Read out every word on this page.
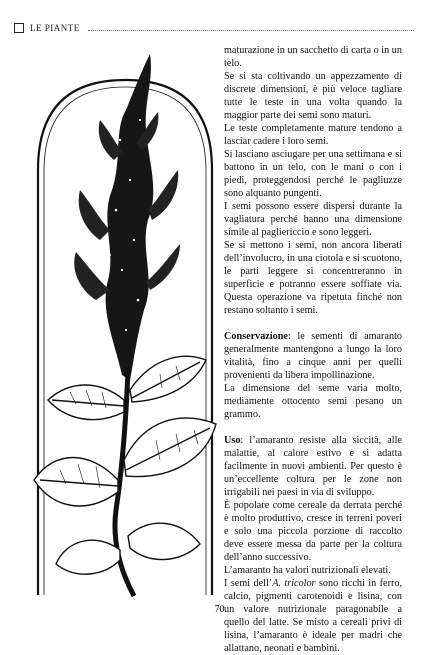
LE PIANTE

maturazione in un sacchetto di carta o in un telo.

Se si sta coltivando un appezzamento di discrete dimensioni, è più veloce tagliare tutte le teste in una volta quando la maggior parte dei semi sono maturi.

Le teste completamente mature tendono a lasciar cadere i loro semi.

Si lasciano asciugare per una settimana e si battono in un telo, con le mani o con i piedi, proteggendosi perché le pagliuzze sono alquanto pungenti.

I semi possono essere dispersi durante la vagliatura perché hanno una dimensione simile al pagliericcio e sono leggeri.

Se si mettono i semi, non ancora liberati dell’involucro, in una ciotola e si scuotono, le parti leggere si concentreranno in superficie e potranno essere soffiate via. Questa operazione va ripetuta finché non restano soltanto i semi.

Conservazione: le sementi di amaranto generalmente mantengono a lungo la loro vitalità, fino a cinque anni per quelli provenienti da libera impollinazione.

La dimensione del seme varia molto, mediamente ottocento semi pesano un grammo.

Uso: l’amaranto resiste alla siccità, alle malattie, al calore estivo e si adatta facilmente in nuovi ambienti. Per questo è un’eccellente coltura per le zone non irrigabili nei paesi in via di sviluppo.

È popolare come cereale da derrata perché è molto produttivo, cresce in terreni poveri e solo una piccola porzione di raccolto deve essere messa da parte per la coltura dell’anno successivo.

L’amaranto ha valori nutrizionali elevati.

I semi dell’A. tricolor sono ricchi in ferro, calcio, pigmenti carotenoidi e lisina, con un valore nutrizionale paragonabile a quello del latte. Se misto a cereali privi di lisina, l’amaranto è ideale per madri che allattano, neonati e bambini.

70
